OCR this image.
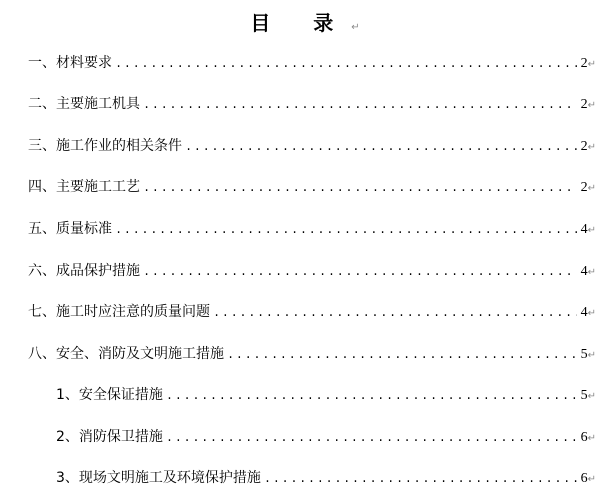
目 录↵
一、材料要求 .....	2 ↵
二、主要施工机具 .....	2 ↵
三、施工作业的相关条件 .....	2 ↵
四、主要施工工艺 .....	2 ↵
五、质量标准 .....	4 ↵
六、成品保护措施 .....	4 ↵
七、施工时应注意的质量问题 .....	4 ↵
八、安全、消防及文明施工措施 .....	5 ↵
1、安全保证措施 .....	5 ↵
2、消防保卫措施 .....	6 ↵
3、现场文明施工及环境保护措施 .....	6 ↵
